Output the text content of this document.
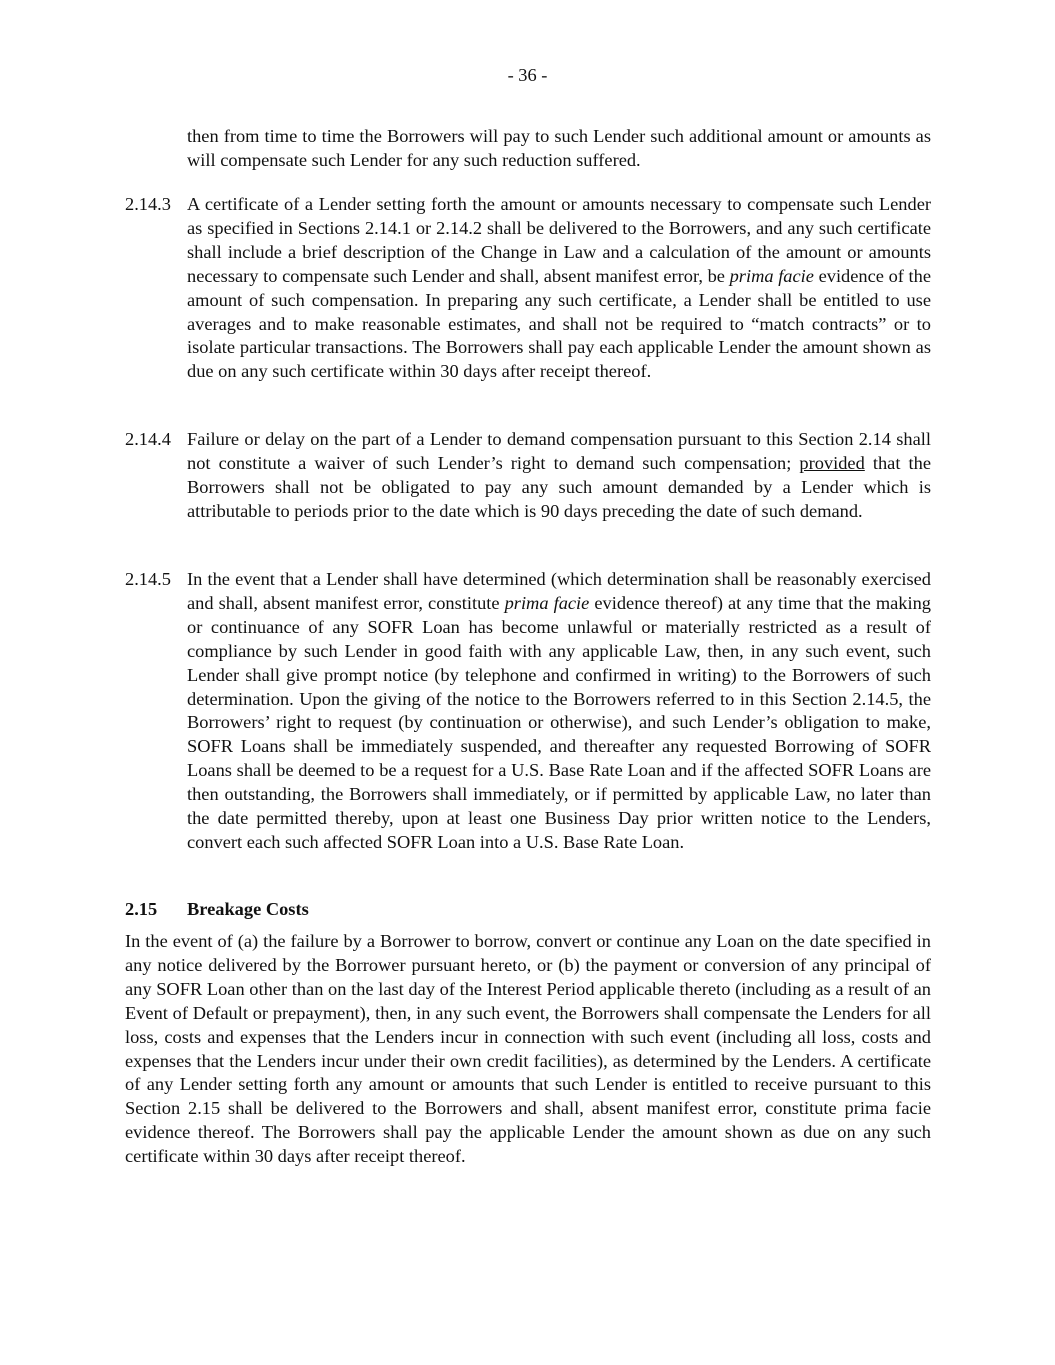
- 36 -
then from time to time the Borrowers will pay to such Lender such additional amount or amounts as will compensate such Lender for any such reduction suffered.
2.14.3 A certificate of a Lender setting forth the amount or amounts necessary to compensate such Lender as specified in Sections 2.14.1 or 2.14.2 shall be delivered to the Borrowers, and any such certificate shall include a brief description of the Change in Law and a calculation of the amount or amounts necessary to compensate such Lender and shall, absent manifest error, be prima facie evidence of the amount of such compensation. In preparing any such certificate, a Lender shall be entitled to use averages and to make reasonable estimates, and shall not be required to “match contracts” or to isolate particular transactions. The Borrowers shall pay each applicable Lender the amount shown as due on any such certificate within 30 days after receipt thereof.
2.14.4 Failure or delay on the part of a Lender to demand compensation pursuant to this Section 2.14 shall not constitute a waiver of such Lender’s right to demand such compensation; provided that the Borrowers shall not be obligated to pay any such amount demanded by a Lender which is attributable to periods prior to the date which is 90 days preceding the date of such demand.
2.14.5 In the event that a Lender shall have determined (which determination shall be reasonably exercised and shall, absent manifest error, constitute prima facie evidence thereof) at any time that the making or continuance of any SOFR Loan has become unlawful or materially restricted as a result of compliance by such Lender in good faith with any applicable Law, then, in any such event, such Lender shall give prompt notice (by telephone and confirmed in writing) to the Borrowers of such determination. Upon the giving of the notice to the Borrowers referred to in this Section 2.14.5, the Borrowers’ right to request (by continuation or otherwise), and such Lender’s obligation to make, SOFR Loans shall be immediately suspended, and thereafter any requested Borrowing of SOFR Loans shall be deemed to be a request for a U.S. Base Rate Loan and if the affected SOFR Loans are then outstanding, the Borrowers shall immediately, or if permitted by applicable Law, no later than the date permitted thereby, upon at least one Business Day prior written notice to the Lenders, convert each such affected SOFR Loan into a U.S. Base Rate Loan.
2.15 Breakage Costs
In the event of (a) the failure by a Borrower to borrow, convert or continue any Loan on the date specified in any notice delivered by the Borrower pursuant hereto, or (b) the payment or conversion of any principal of any SOFR Loan other than on the last day of the Interest Period applicable thereto (including as a result of an Event of Default or prepayment), then, in any such event, the Borrowers shall compensate the Lenders for all loss, costs and expenses that the Lenders incur in connection with such event (including all loss, costs and expenses that the Lenders incur under their own credit facilities), as determined by the Lenders. A certificate of any Lender setting forth any amount or amounts that such Lender is entitled to receive pursuant to this Section 2.15 shall be delivered to the Borrowers and shall, absent manifest error, constitute prima facie evidence thereof. The Borrowers shall pay the applicable Lender the amount shown as due on any such certificate within 30 days after receipt thereof.
